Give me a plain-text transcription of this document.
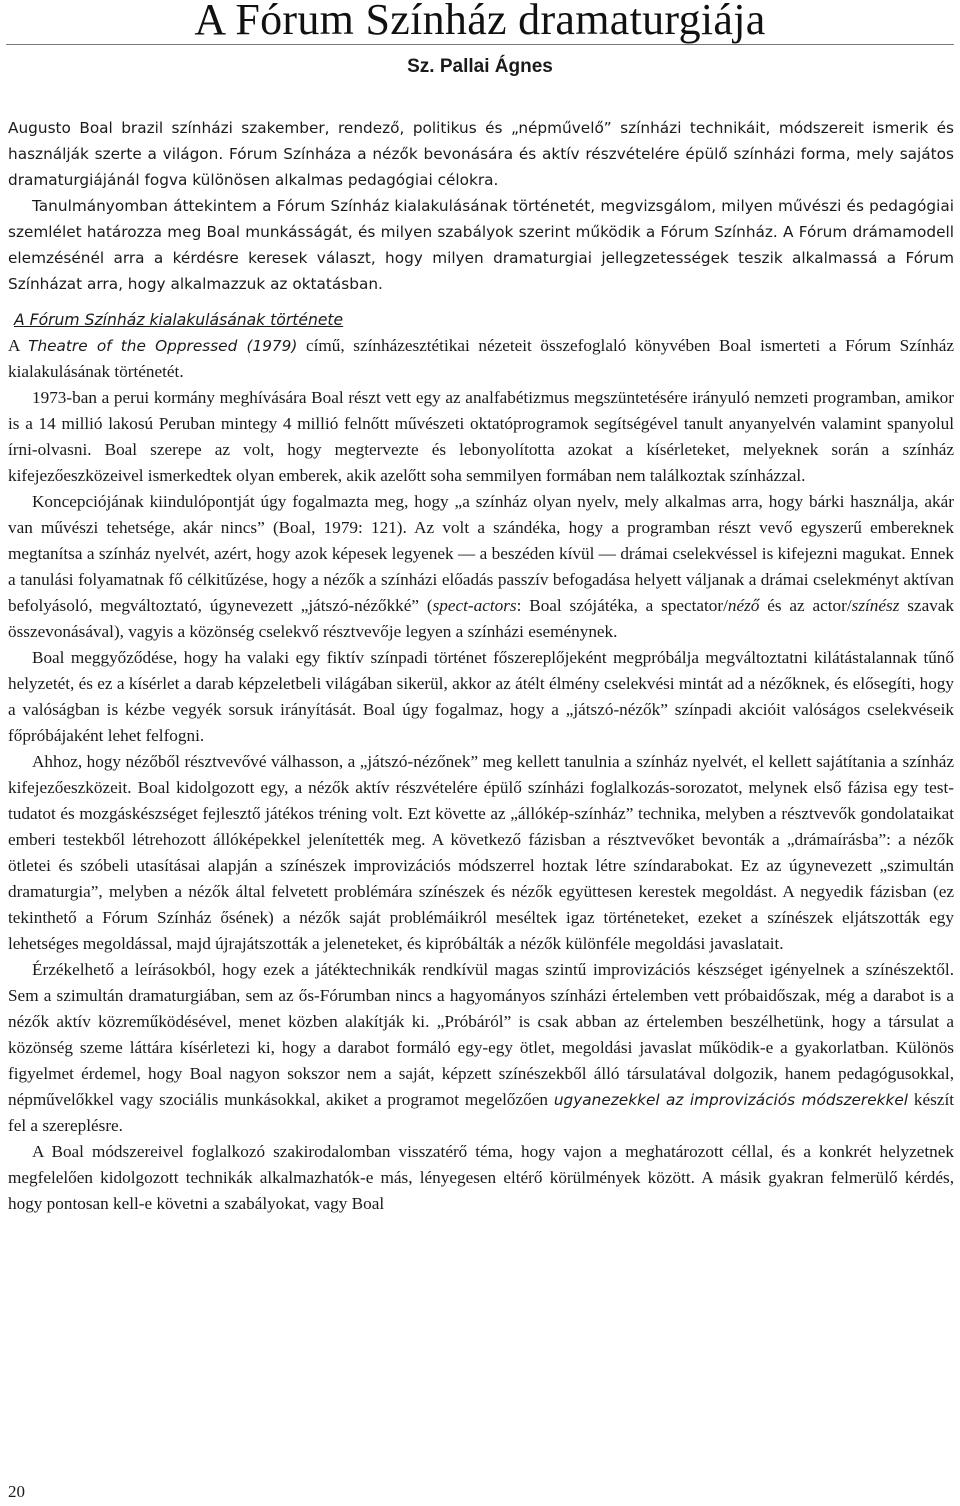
A Fórum Színház dramaturgiája
Sz. Pallai Ágnes

Augusto Boal brazil színházi szakember, rendező, politikus és „népművelő” színházi technikáit, módszereit ismerik és használják szerte a világon. Fórum Színháza a nézők bevonására és aktív részvételére épülő színházi forma, mely sajátos dramaturgiájánál fogva különösen alkalmas pedagógiai célokra.
Tanulmányomban áttekintem a Fórum Színház kialakulásának történetét, megvizsgálom, milyen művészi és pedagógiai szemlélet határozza meg Boal munkásságát, és milyen szabályok szerint működik a Fórum Színház. A Fórum drámamodell elemzésénél arra a kérdésre keresek választ, hogy milyen dramaturgiai jellegzetességek teszik alkalmassá a Fórum Színházat arra, hogy alkalmazzuk az oktatásban.

A Fórum Színház kialakulásának története

A Theatre of the Oppressed (1979) című, színházesztétikai nézeteit összefoglaló könyvében Boal ismerteti a Fórum Színház kialakulásának történetét.

1973-ban a perui kormány meghívására Boal részt vett egy az analfabétizmus megszüntetésére irányuló nemzeti programban, amikor is a 14 millió lakosú Peruban mintegy 4 millió felnőtt művészeti oktatóprogramok segítségével tanult anyanyelvén valamint spanyolul írni-olvasni. Boal szerepe az volt, hogy megtervezte és lebonyolította azokat a kísérleteket, melyeknek során a színház kifejezőeszközeivel ismerkedtek olyan emberek, akik azelőtt soha semmilyen formában nem találkoztak színházzal.

Koncepciójának kiindulópontját úgy fogalmazta meg, hogy „a színház olyan nyelv, mely alkalmas arra, hogy bárki használja, akár van művészi tehetsége, akár nincs” (Boal, 1979: 121). Az volt a szándéka, hogy a programban részt vevő egyszerű embereknek megtanítsa a színház nyelvét, azért, hogy azok képesek legyenek — a beszéden kívül — drámai cselekvéssel is kifejezni magukat. Ennek a tanulási folyamatnak fő célkitűzése, hogy a nézők a színházi előadás passzív befogadása helyett váljanak a drámai cselekményt aktívan befolyásoló, megváltoztató, úgynevezett „játszó-nézőkké” (spect-actors: Boal szójátéka, a spectator/néző és az actor/színész szavak összevonásával), vagyis a közönség cselekvő résztvevője legyen a színházi eseménynek.

Boal meggyőződése, hogy ha valaki egy fiktív színpadi történet főszereplőjeként megpróbálja megváltoztatni kilátástalannak tűnő helyzetét, és ez a kísérlet a darab képzeletbeli világában sikerül, akkor az átélt élmény cselekvési mintát ad a nézőknek, és elősegíti, hogy a valóságban is kézbe vegyék sorsuk irányítását. Boal úgy fogalmaz, hogy a „játszó-nézők” színpadi akcióit valóságos cselekvéseik főpróbájaként lehet felfogni.

Ahhoz, hogy nézőből résztvevővé válhasson, a „játszó-nézőnek” meg kellett tanulnia a színház nyelvét, el kellett sajátítania a színház kifejezőeszközeit. Boal kidolgozott egy, a nézők aktív részvételére épülő színházi foglalkozás-sorozatot, melynek első fázisa egy test-tudatot és mozgáskészséget fejlesztő játékos tréning volt. Ezt követte az „állókép-színház” technika, melyben a résztvevők gondolataikat emberi testekből létrehozott állóképekkel jelenítették meg. A következő fázisban a résztvevőket bevonták a „drámaírásba”: a nézők ötletei és szóbeli utasításai alapján a színészek improvizációs módszerrel hoztak létre színdarabokat. Ez az úgynevezett „szimultán dramaturgia”, melyben a nézők által felvetett problémára színészek és nézők együttesen kerestek megoldást. A negyedik fázisban (ez tekinthető a Fórum Színház ősének) a nézők saját problémáikról meséltek igaz történeteket, ezeket a színészek eljátszották egy lehetséges megoldással, majd újrajátszották a jeleneteket, és kipróbálták a nézők különféle megoldási javaslatait.

Érzékelhető a leírásokból, hogy ezek a játéktechnikák rendkívül magas szintű improvizációs készséget igényelnek a színészektől. Sem a szimultán dramaturgiában, sem az ős-Fórumban nincs a hagyományos színházi értelemben vett próbaidőszak, még a darabot is a nézők aktív közreműködésével, menet közben alakítják ki. „Próbáról” is csak abban az értelemben beszélhetünk, hogy a társulat a közönség szeme láttára kísérletezi ki, hogy a darabot formáló egy-egy ötlet, megoldási javaslat működik-e a gyakorlatban. Különös figyelmet érdemel, hogy Boal nagyon sokszor nem a saját, képzett színészekből álló társulatával dolgozik, hanem pedagógusokkal, népművelőkkel vagy szociális munkásokkal, akiket a programot megelőzően ugyanezekkel az improvizációs módszerekkel készít fel a szereplésre.

A Boal módszereivel foglalkozó szakirodalomban visszatérő téma, hogy vajon a meghatározott céllal, és a konkrét helyzetnek megfelelően kidolgozott technikák alkalmazhatók-e más, lényegesen eltérő körülmények között. A másik gyakran felmerülő kérdés, hogy pontosan kell-e követni a szabályokat, vagy Boal

20
